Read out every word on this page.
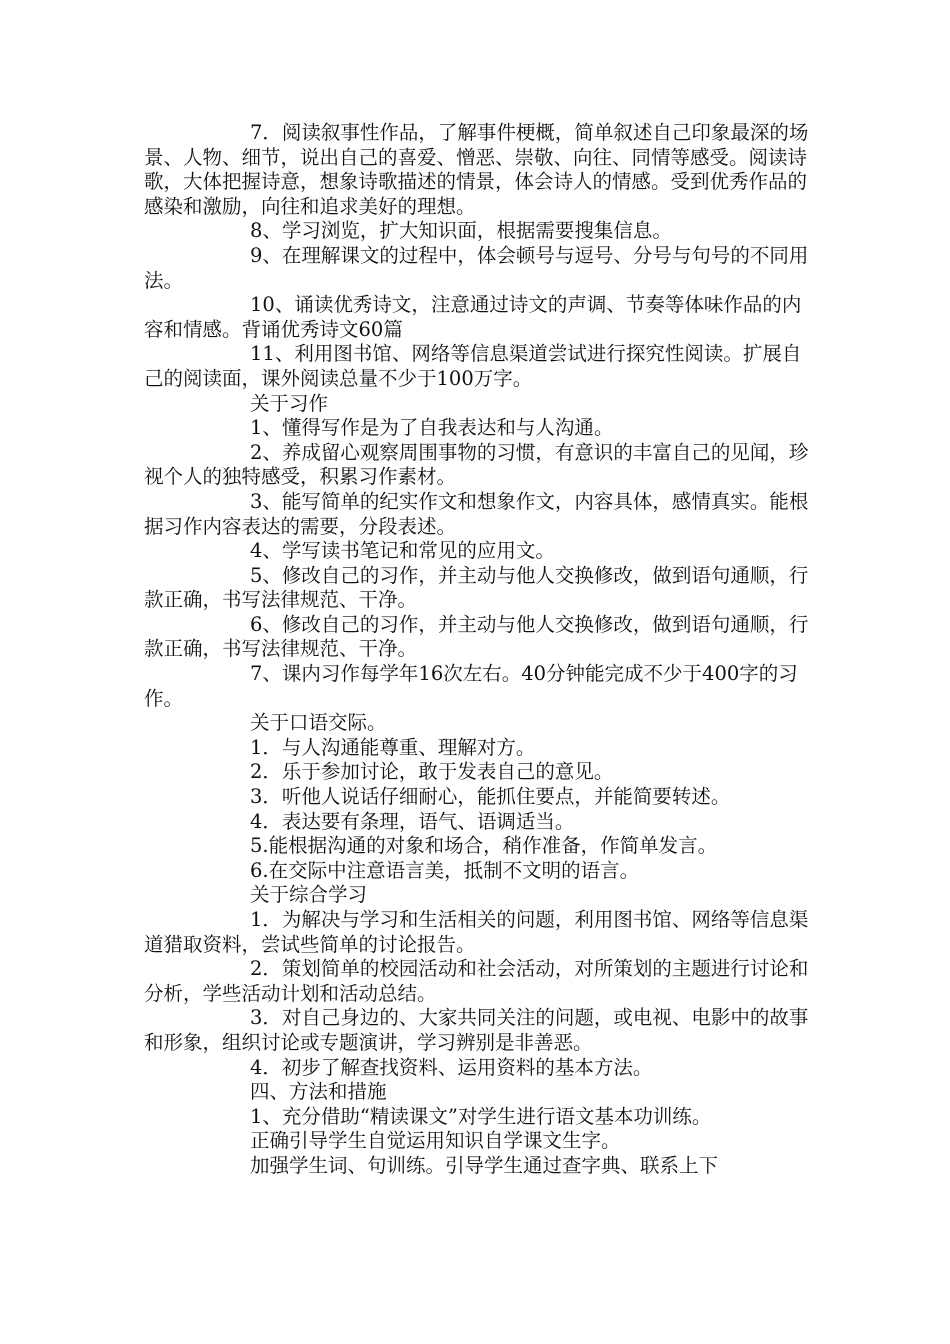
7．阅读叙事性作品，了解事件梗概，简单叙述自己印象最深的场景、人物、细节，说出自己的喜爱、憎恶、崇敬、向往、同情等感受。阅读诗歌，大体把握诗意，想象诗歌描述的情景，体会诗人的情感。受到优秀作品的感染和激励，向往和追求美好的理想。

8、学习浏览，扩大知识面，根据需要搜集信息。

9、在理解课文的过程中，体会顿号与逗号、分号与句号的不同用法。

10、诵读优秀诗文，注意通过诗文的声调、节奏等体味作品的内容和情感。背诵优秀诗文60篇

11、利用图书馆、网络等信息渠道尝试进行探究性阅读。扩展自己的阅读面，课外阅读总量不少于100万字。

关于习作

1、懂得写作是为了自我表达和与人沟通。

2、养成留心观察周围事物的习惯，有意识的丰富自己的见闻，珍视个人的独特感受，积累习作素材。

3、能写简单的纪实作文和想象作文，内容具体，感情真实。能根据习作内容表达的需要，分段表述。

4、学写读书笔记和常见的应用文。

5、修改自己的习作，并主动与他人交换修改，做到语句通顺，行款正确，书写法律规范、干净。

6、修改自己的习作，并主动与他人交换修改，做到语句通顺，行款正确，书写法律规范、干净。

7、课内习作每学年16次左右。40分钟能完成不少于400字的习作。

关于口语交际。

1．与人沟通能尊重、理解对方。

2．乐于参加讨论，敢于发表自己的意见。

3．听他人说话仔细耐心，能抓住要点，并能简要转述。

4．表达要有条理，语气、语调适当。

5.能根据沟通的对象和场合，稍作准备，作简单发言。

6.在交际中注意语言美，抵制不文明的语言。

关于综合学习

1．为解决与学习和生活相关的问题，利用图书馆、网络等信息渠道猎取资料，尝试些简单的讨论报告。

2．策划简单的校园活动和社会活动，对所策划的主题进行讨论和分析，学些活动计划和活动总结。

3．对自己身边的、大家共同关注的问题，或电视、电影中的故事和形象，组织讨论或专题演讲，学习辨别是非善恶。

4．初步了解查找资料、运用资料的基本方法。

四、方法和措施

1、充分借助“精读课文”对学生进行语文基本功训练。

正确引导学生自觉运用知识自学课文生字。

加强学生词、句训练。引导学生通过查字典、联系上下
